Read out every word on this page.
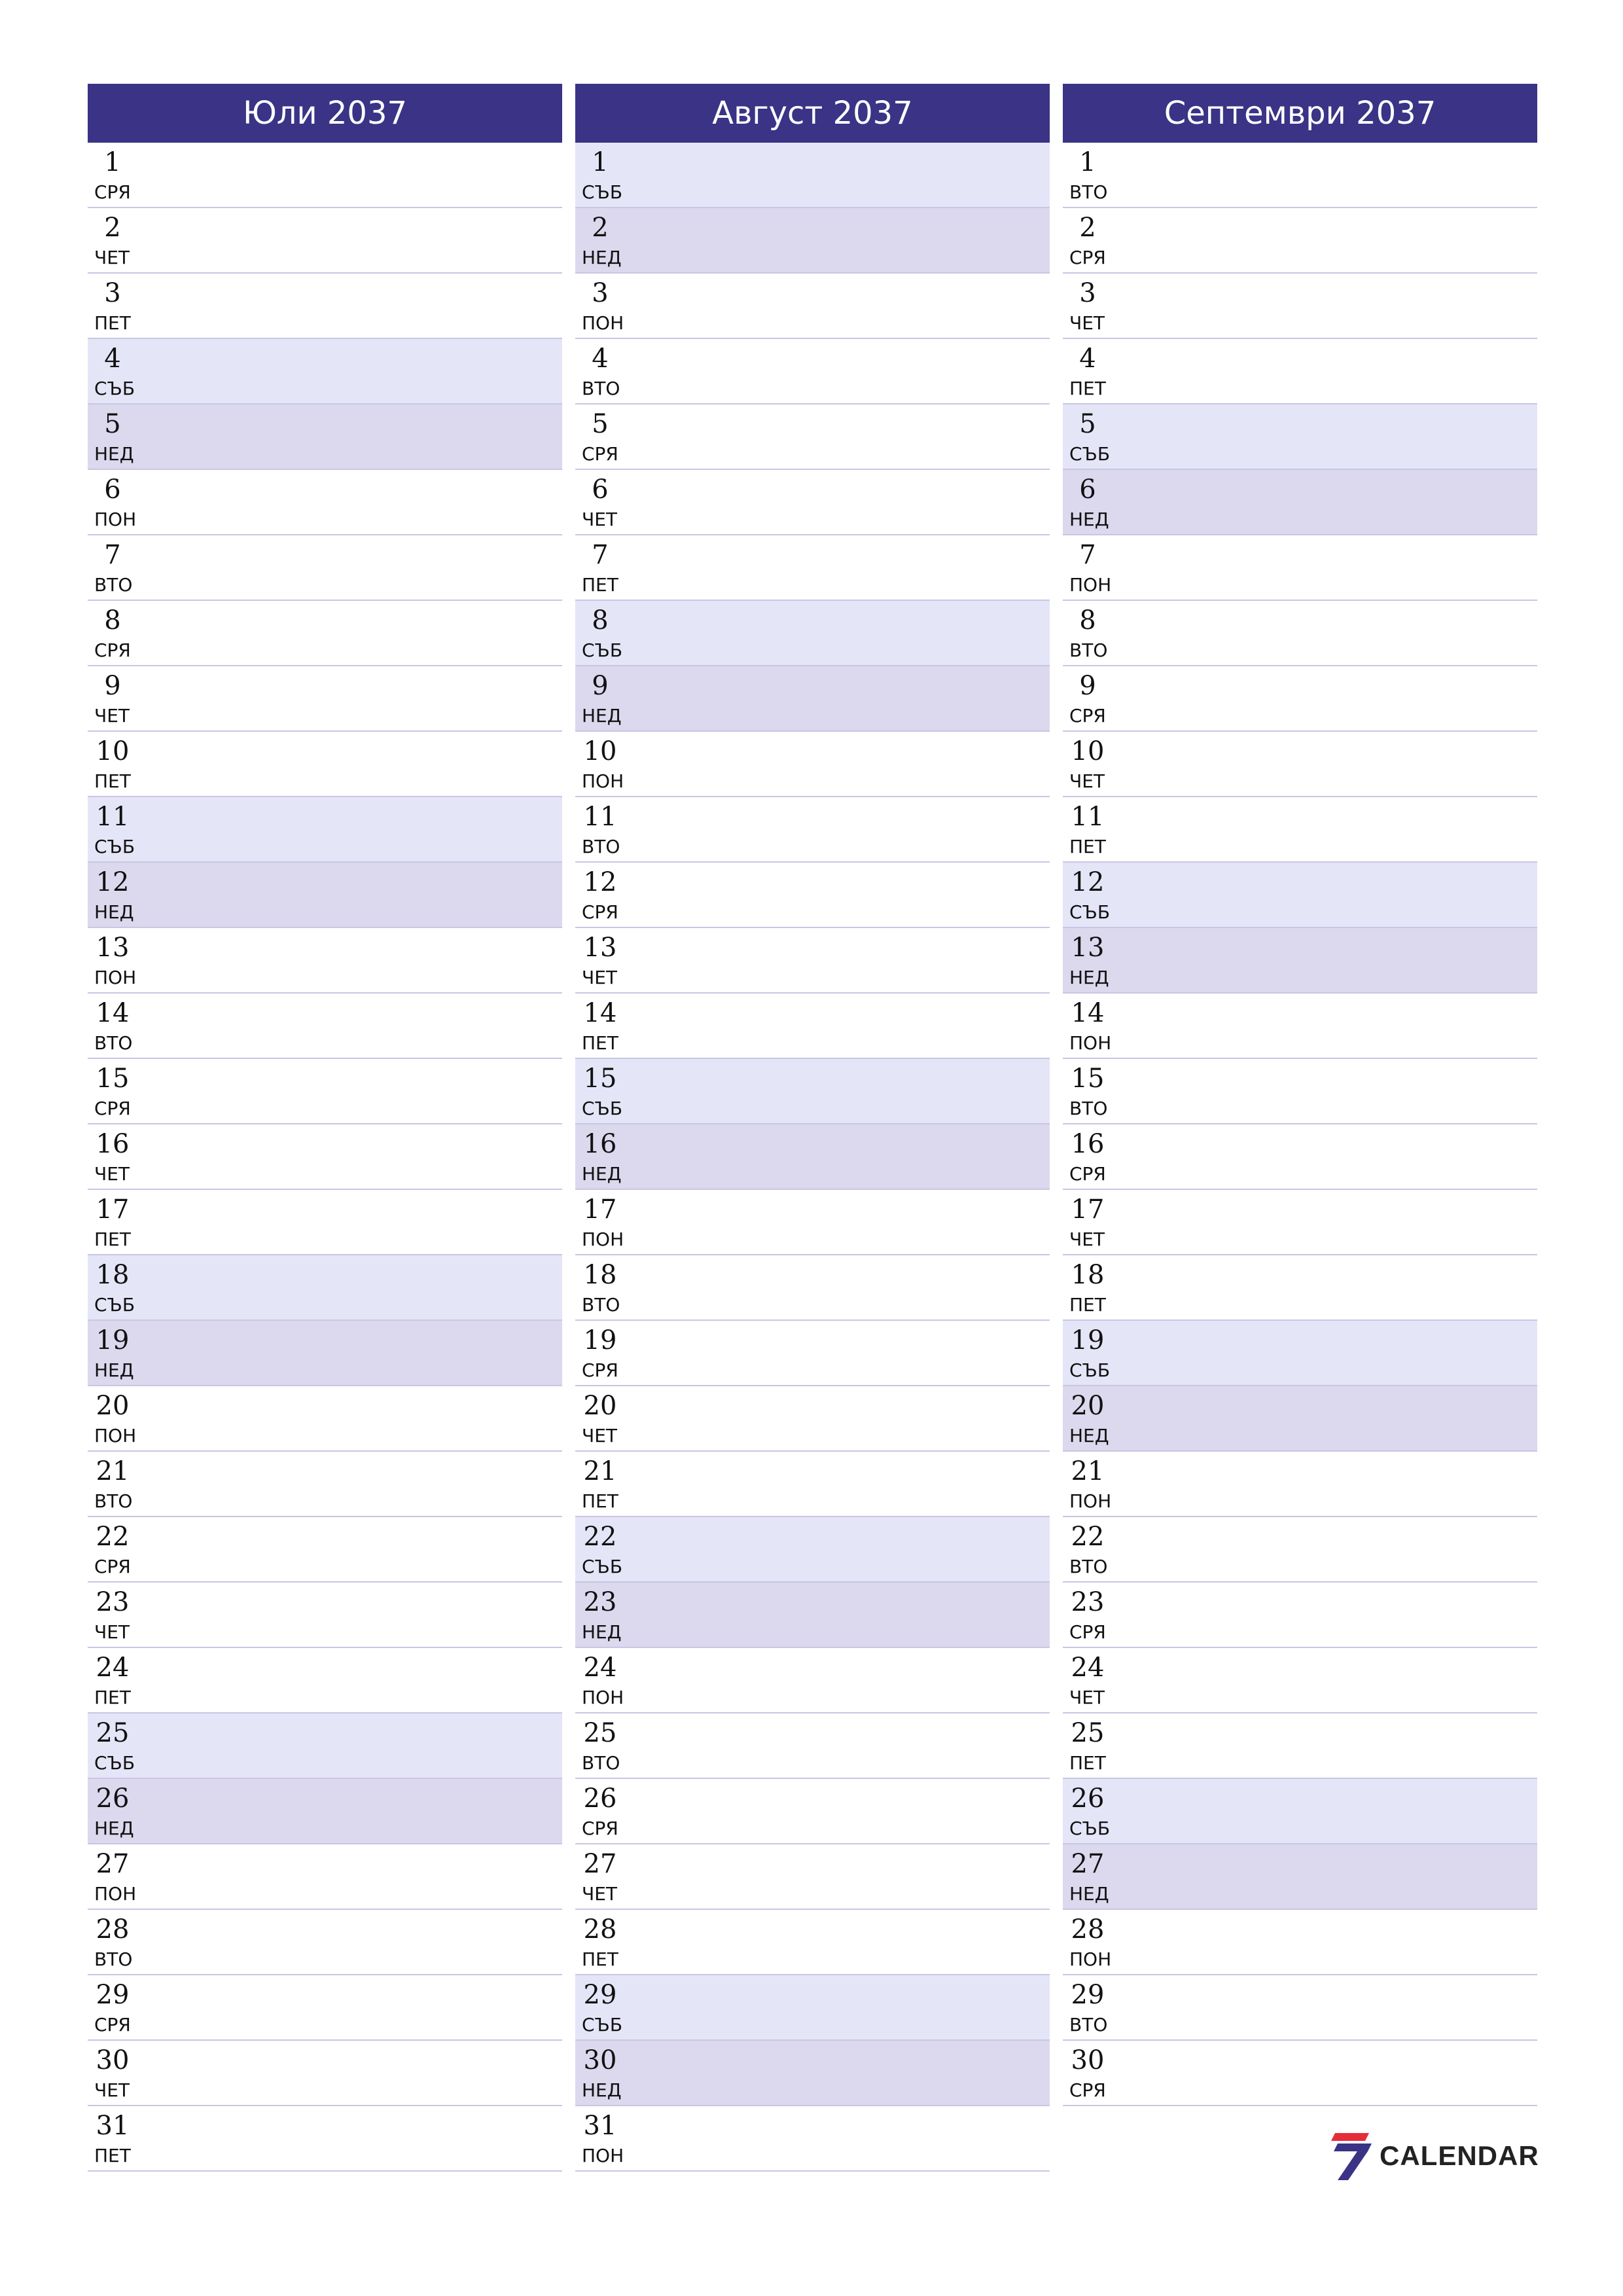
Юли 2037
1
СРЯ
2
ЧЕТ
3
ПЕТ
4
СЪБ
5
НЕД
6
ПОН
7
ВТО
8
СРЯ
9
ЧЕТ
10
ПЕТ
11
СЪБ
12
НЕД
13
ПОН
14
ВТО
15
СРЯ
16
ЧЕТ
17
ПЕТ
18
СЪБ
19
НЕД
20
ПОН
21
ВТО
22
СРЯ
23
ЧЕТ
24
ПЕТ
25
СЪБ
26
НЕД
27
ПОН
28
ВТО
29
СРЯ
30
ЧЕТ
31
ПЕТ
Август 2037
1
СЪБ
2
НЕД
3
ПОН
4
ВТО
5
СРЯ
6
ЧЕТ
7
ПЕТ
8
СЪБ
9
НЕД
10
ПОН
11
ВТО
12
СРЯ
13
ЧЕТ
14
ПЕТ
15
СЪБ
16
НЕД
17
ПОН
18
ВТО
19
СРЯ
20
ЧЕТ
21
ПЕТ
22
СЪБ
23
НЕД
24
ПОН
25
ВТО
26
СРЯ
27
ЧЕТ
28
ПЕТ
29
СЪБ
30
НЕД
31
ПОН
Септември 2037
1
ВТО
2
СРЯ
3
ЧЕТ
4
ПЕТ
5
СЪБ
6
НЕД
7
ПОН
8
ВТО
9
СРЯ
10
ЧЕТ
11
ПЕТ
12
СЪБ
13
НЕД
14
ПОН
15
ВТО
16
СРЯ
17
ЧЕТ
18
ПЕТ
19
СЪБ
20
НЕД
21
ПОН
22
ВТО
23
СРЯ
24
ЧЕТ
25
ПЕТ
26
СЪБ
27
НЕД
28
ПОН
29
ВТО
30
СРЯ
CALENDAR
